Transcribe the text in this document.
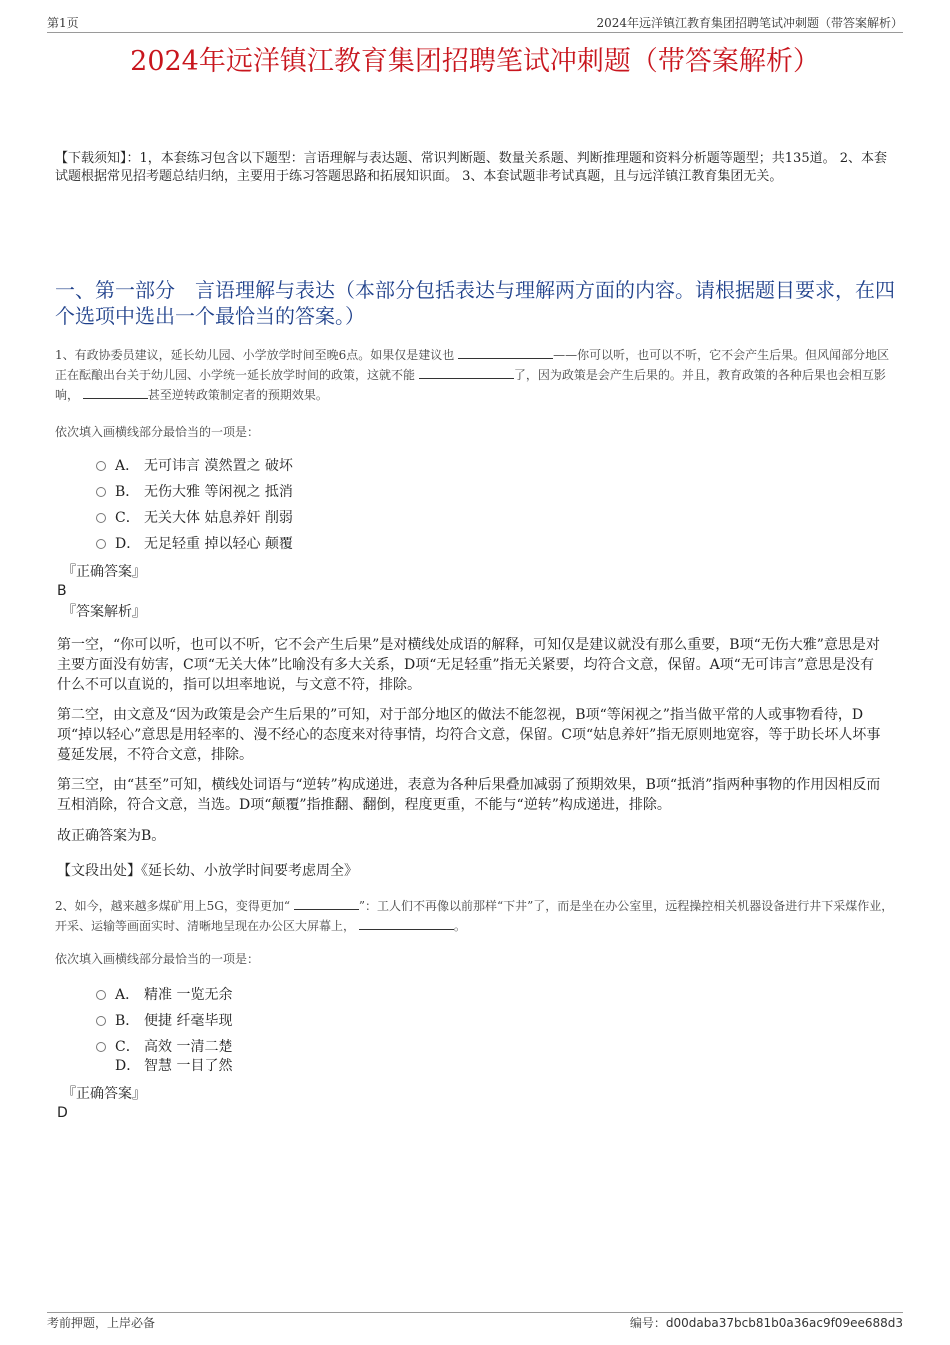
第1页	2024年远洋镇江教育集团招聘笔试冲刺题（带答案解析）
2024年远洋镇江教育集团招聘笔试冲刺题（带答案解析）

【下载须知】：1，本套练习包含以下题型：言语理解与表达题、常识判断题、数量关系题、判断推理题和资料分析题等题型；共135道。 2、本套试题根据常见招考题总结归纳，主要用于练习答题思路和拓展知识面。 3、本套试题非考试真题，且与远洋镇江教育集团无关。

一、第一部分　言语理解与表达（本部分包括表达与理解两方面的内容。请根据题目要求，在四个选项中选出一个最恰当的答案。）

1、有政协委员建议，延长幼儿园、小学放学时间至晚6点。如果仅是建议也	——你可以听，也可以不听，它不会产生后果。但风闻部分地区正在酝酿出台关于幼儿园、小学统一延长放学时间的政策，这就不能	了，因为政策是会产生后果的。并且，教育政策的各种后果也会相互影响，	甚至逆转政策制定者的预期效果。

依次填入画横线部分最恰当的一项是：

A． 无可讳言 漠然置之 破坏
B． 无伤大雅 等闲视之 抵消
C． 无关大体 姑息养奸 削弱
D． 无足轻重 掉以轻心 颠覆
『正确答案』
B
『答案解析』

第一空，“你可以听，也可以不听，它不会产生后果”是对横线处成语的解释，可知仅是建议就没有那么重要，B项“无伤大雅”意思是对主要方面没有妨害，C项“无关大体”比喻没有多大关系，D项“无足轻重”指无关紧要，均符合文意，保留。A项“无可讳言”意思是没有什么不可以直说的，指可以坦率地说，与文意不符，排除。

第二空，由文意及“因为政策是会产生后果的”可知，对于部分地区的做法不能忽视，B项“等闲视之”指当做平常的人或事物看待，D项“掉以轻心”意思是用轻率的、漫不经心的态度来对待事情，均符合文意，保留。C项“姑息养奸”指无原则地宽容，等于助长坏人坏事蔓延发展，不符合文意，排除。

第三空，由“甚至”可知，横线处词语与“逆转”构成递进，表意为各种后果叠加减弱了预期效果，B项“抵消”指两种事物的作用因相反而互相消除，符合文意，当选。D项“颠覆”指推翻、翻倒，程度更重，不能与“逆转”构成递进，排除。

故正确答案为B。

【文段出处】《延长幼、小放学时间要考虑周全》

2、如今，越来越多煤矿用上5G，变得更加“	”：工人们不再像以前那样“下井”了，而是坐在办公室里，远程操控相关机器设备进行井下采煤作业，开采、运输等画面实时、清晰地呈现在办公区大屏幕上，	。

依次填入画横线部分最恰当的一项是：

A． 精准 一览无余
B． 便捷 纤毫毕现
C． 高效 一清二楚
D． 智慧 一目了然
『正确答案』
D
考前押题，上岸必备	编号：d00daba37bcb81b0a36ac9f09ee688d3
